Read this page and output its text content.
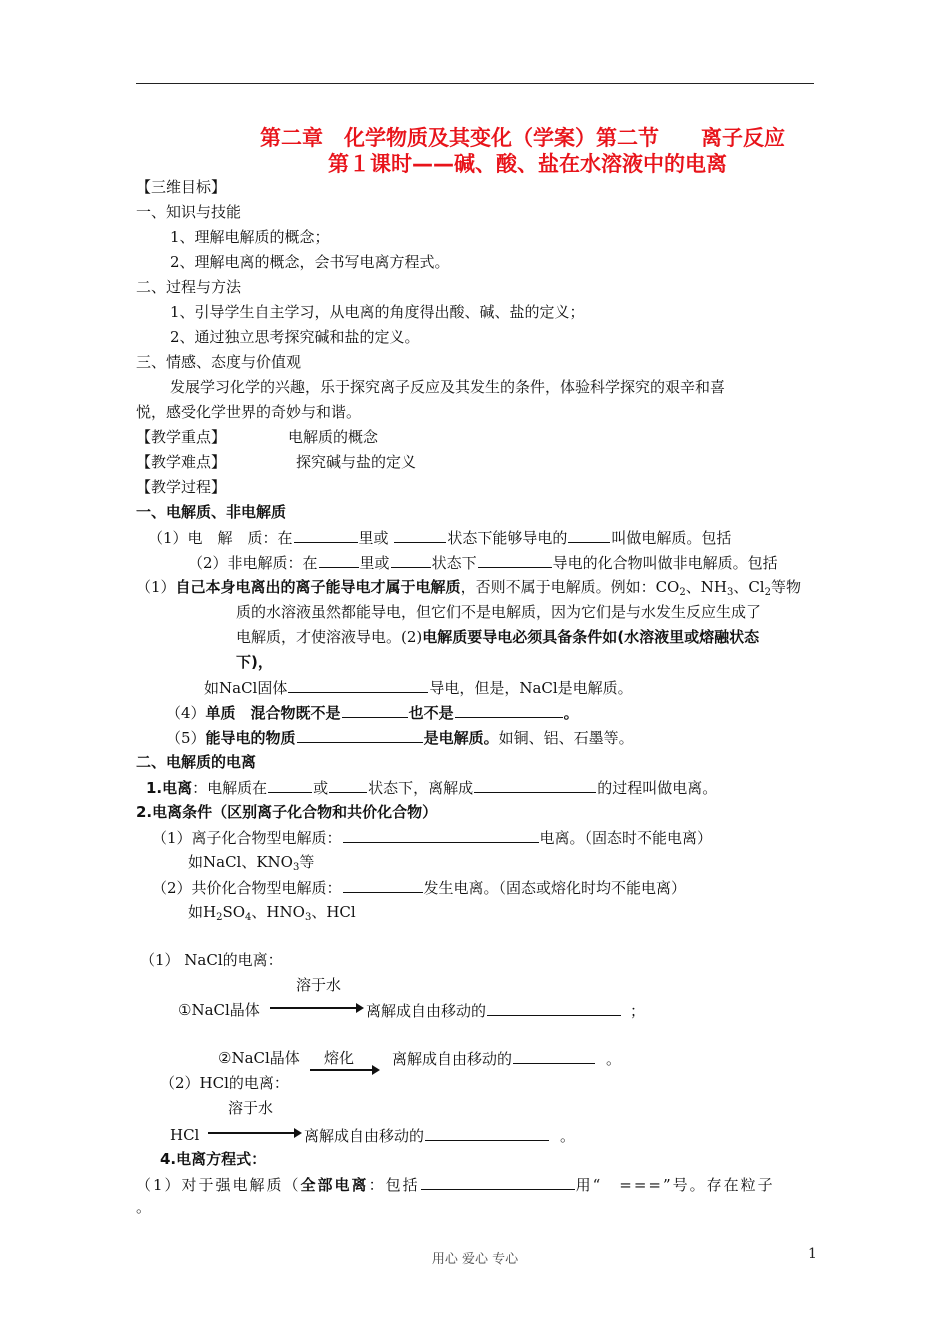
第二章　化学物质及其变化（学案）第二节　　离子反应
第１课时——碱、酸、盐在水溶液中的电离
【三维目标】
一、知识与技能
1、理解电解质的概念；
2、理解电离的概念，会书写电离方程式。
二、过程与方法
1、引导学生自主学习，从电离的角度得出酸、碱、盐的定义；
2、通过独立思考探究碱和盐的定义。
三、情感、态度与价值观
发展学习化学的兴趣，乐于探究离子反应及其发生的条件，体验科学探究的艰辛和喜
悦，感受化学世界的奇妙与和谐。
【教学重点】	电解质的概念
【教学难点】	探究碱与盐的定义
【教学过程】
一、电解质、非电解质
（1）电　解　质：在	里或	状态下能够导电的	叫做电解质。包括
（2）非电解质：在	里或	状态下	导电的化合物叫做非电解质。包括
（1）自己本身电离出的离子能导电才属于电解质，否则不属于电解质。例如：$CO_2$、$NH_3$、$Cl_2$等物
质的水溶液虽然都能导电，但它们不是电解质，因为它们是与水发生反应生成了
电解质，才使溶液导电。(2)电解质要导电必须具备条件如(水溶液里或熔融状态
下)，
如NaCl固体	导电，但是，NaCl是电解质。
（4）单质　混合物既不是	也不是	。
（5）能导电的物质	是电解质。如铜、铝、石墨等。
二、电解质的电离
1.电离：电解质在	或	状态下，离解成	的过程叫做电离。
2.电离条件（区别离子化合物和共价化合物）
（1）离子化合物型电解质：	电离。（固态时不能电离）
如NaCl、$KNO_3$等
（2）共价化合物型电解质：	发生电离。（固态或熔化时均不能电离）
如$H_2SO_4$、$HNO_3$、HCl
（1） NaCl的电离：
溶于水
①NaCl晶体	离解成自由移动的	；
②NaCl晶体 熔化	离解成自由移动的	。
（2）HCl的电离：
溶于水
HCl	离解成自由移动的	。
4.电离方程式：
（1）对于强电解质（全部电离：包括	用“　===”号。存在粒子
。
用心 爱心 专心	1
